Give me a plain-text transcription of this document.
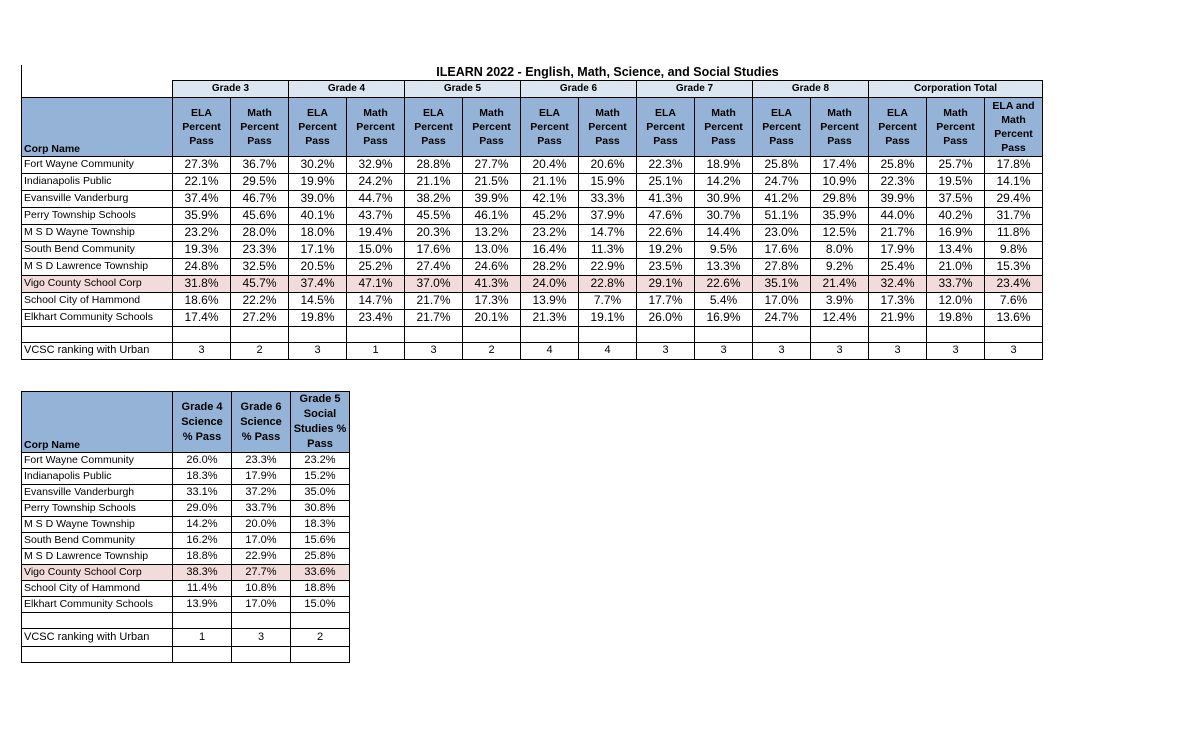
	ILEARN 2022 - English, Math, Science, and Social Studies														
	Grade 3		Grade 4		Grade 5		Grade 6		Grade 7		Grade 8		Corporation Total		
Corp Name	ELA Percent Pass	Math Percent Pass	ELA Percent Pass	Math Percent Pass	ELA Percent Pass	Math Percent Pass	ELA Percent Pass	Math Percent Pass	ELA Percent Pass	Math Percent Pass	ELA Percent Pass	Math Percent Pass	ELA Percent Pass	Math Percent Pass	ELA and Math Percent Pass
Fort Wayne Community	27.3%	36.7%	30.2%	32.9%	28.8%	27.7%	20.4%	20.6%	22.3%	18.9%	25.8%	17.4%	25.8%	25.7%	17.8%
Indianapolis Public	22.1%	29.5%	19.9%	24.2%	21.1%	21.5%	21.1%	15.9%	25.1%	14.2%	24.7%	10.9%	22.3%	19.5%	14.1%
Evansville Vanderburg	37.4%	46.7%	39.0%	44.7%	38.2%	39.9%	42.1%	33.3%	41.3%	30.9%	41.2%	29.8%	39.9%	37.5%	29.4%
Perry Township Schools	35.9%	45.6%	40.1%	43.7%	45.5%	46.1%	45.2%	37.9%	47.6%	30.7%	51.1%	35.9%	44.0%	40.2%	31.7%
M S D Wayne Township	23.2%	28.0%	18.0%	19.4%	20.3%	13.2%	23.2%	14.7%	22.6%	14.4%	23.0%	12.5%	21.7%	16.9%	11.8%
South Bend Community	19.3%	23.3%	17.1%	15.0%	17.6%	13.0%	16.4%	11.3%	19.2%	9.5%	17.6%	8.0%	17.9%	13.4%	9.8%
M S D Lawrence Township	24.8%	32.5%	20.5%	25.2%	27.4%	24.6%	28.2%	22.9%	23.5%	13.3%	27.8%	9.2%	25.4%	21.0%	15.3%
Vigo County School Corp	31.8%	45.7%	37.4%	47.1%	37.0%	41.3%	24.0%	22.8%	29.1%	22.6%	35.1%	21.4%	32.4%	33.7%	23.4%
School City of Hammond	18.6%	22.2%	14.5%	14.7%	21.7%	17.3%	13.9%	7.7%	17.7%	5.4%	17.0%	3.9%	17.3%	12.0%	7.6%
Elkhart Community Schools	17.4%	27.2%	19.8%	23.4%	21.7%	20.1%	21.3%	19.1%	26.0%	16.9%	24.7%	12.4%	21.9%	19.8%	13.6%

VCSC ranking with Urban	3	2	3	1	3	2	4	4	3	3	3	3	3	3	3
Corp Name	Grade 4 Science % Pass	Grade 6 Science % Pass	Grade 5 Social Studies % Pass
Fort Wayne Community	26.0%	23.3%	23.2%
Indianapolis Public	18.3%	17.9%	15.2%
Evansville Vanderburgh	33.1%	37.2%	35.0%
Perry Township Schools	29.0%	33.7%	30.8%
M S D Wayne Township	14.2%	20.0%	18.3%
South Bend Community	16.2%	17.0%	15.6%
M S D Lawrence Township	18.8%	22.9%	25.8%
Vigo County School Corp	38.3%	27.7%	33.6%
School City of Hammond	11.4%	10.8%	18.8%
Elkhart Community Schools	13.9%	17.0%	15.0%

VCSC ranking with Urban	1	3	2
